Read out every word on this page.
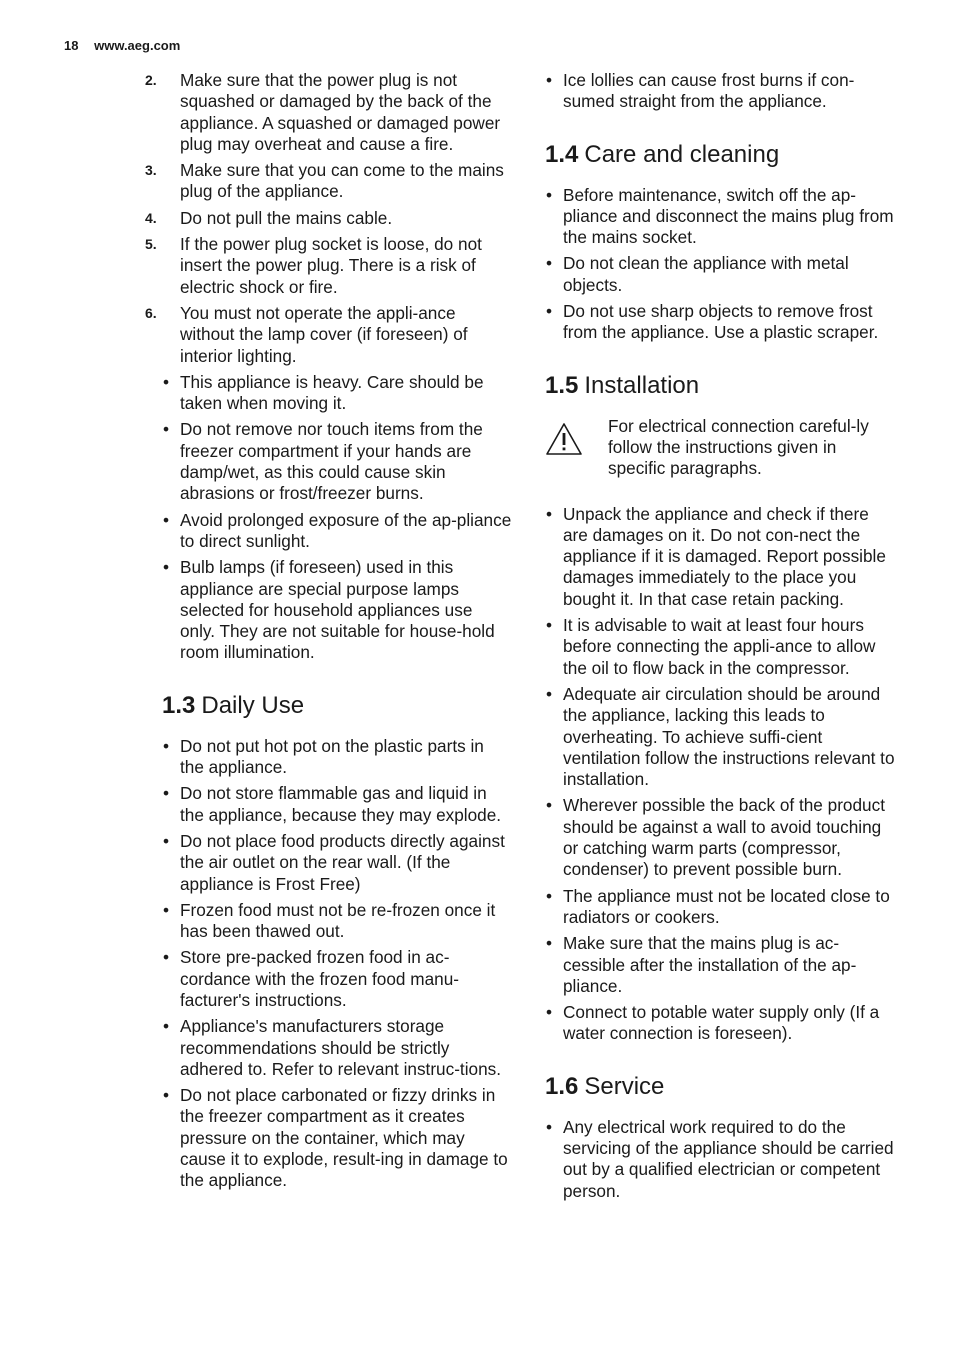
18 www.aeg.com
2. Make sure that the power plug is not squashed or damaged by the back of the appliance. A squashed or damaged power plug may overheat and cause a fire.
3. Make sure that you can come to the mains plug of the appliance.
4. Do not pull the mains cable.
5. If the power plug socket is loose, do not insert the power plug. There is a risk of electric shock or fire.
6. You must not operate the appli-ance without the lamp cover (if foreseen) of interior lighting.
• This appliance is heavy. Care should be taken when moving it.
• Do not remove nor touch items from the freezer compartment if your hands are damp/wet, as this could cause skin abrasions or frost/freezer burns.
• Avoid prolonged exposure of the ap-pliance to direct sunlight.
• Bulb lamps (if foreseen) used in this appliance are special purpose lamps selected for household appliances use only. They are not suitable for house-hold room illumination.
1.3 Daily Use
• Do not put hot pot on the plastic parts in the appliance.
• Do not store flammable gas and liquid in the appliance, because they may explode.
• Do not place food products directly against the air outlet on the rear wall. (If the appliance is Frost Free)
• Frozen food must not be re-frozen once it has been thawed out.
• Store pre-packed frozen food in ac-cordance with the frozen food manu-facturer's instructions.
• Appliance's manufacturers storage recommendations should be strictly adhered to. Refer to relevant instruc-tions.
• Do not place carbonated or fizzy drinks in the freezer compartment as it creates pressure on the container, which may cause it to explode, result-ing in damage to the appliance.
• Ice lollies can cause frost burns if con-sumed straight from the appliance.
1.4 Care and cleaning
• Before maintenance, switch off the ap-pliance and disconnect the mains plug from the mains socket.
• Do not clean the appliance with metal objects.
• Do not use sharp objects to remove frost from the appliance. Use a plastic scraper.
1.5 Installation
For electrical connection careful-ly follow the instructions given in specific paragraphs.
• Unpack the appliance and check if there are damages on it. Do not con-nect the appliance if it is damaged. Report possible damages immediately to the place you bought it. In that case retain packing.
• It is advisable to wait at least four hours before connecting the appli-ance to allow the oil to flow back in the compressor.
• Adequate air circulation should be around the appliance, lacking this leads to overheating. To achieve suffi-cient ventilation follow the instructions relevant to installation.
• Wherever possible the back of the product should be against a wall to avoid touching or catching warm parts (compressor, condenser) to prevent possible burn.
• The appliance must not be located close to radiators or cookers.
• Make sure that the mains plug is ac-cessible after the installation of the ap-pliance.
• Connect to potable water supply only (If a water connection is foreseen).
1.6 Service
• Any electrical work required to do the servicing of the appliance should be carried out by a qualified electrician or competent person.
